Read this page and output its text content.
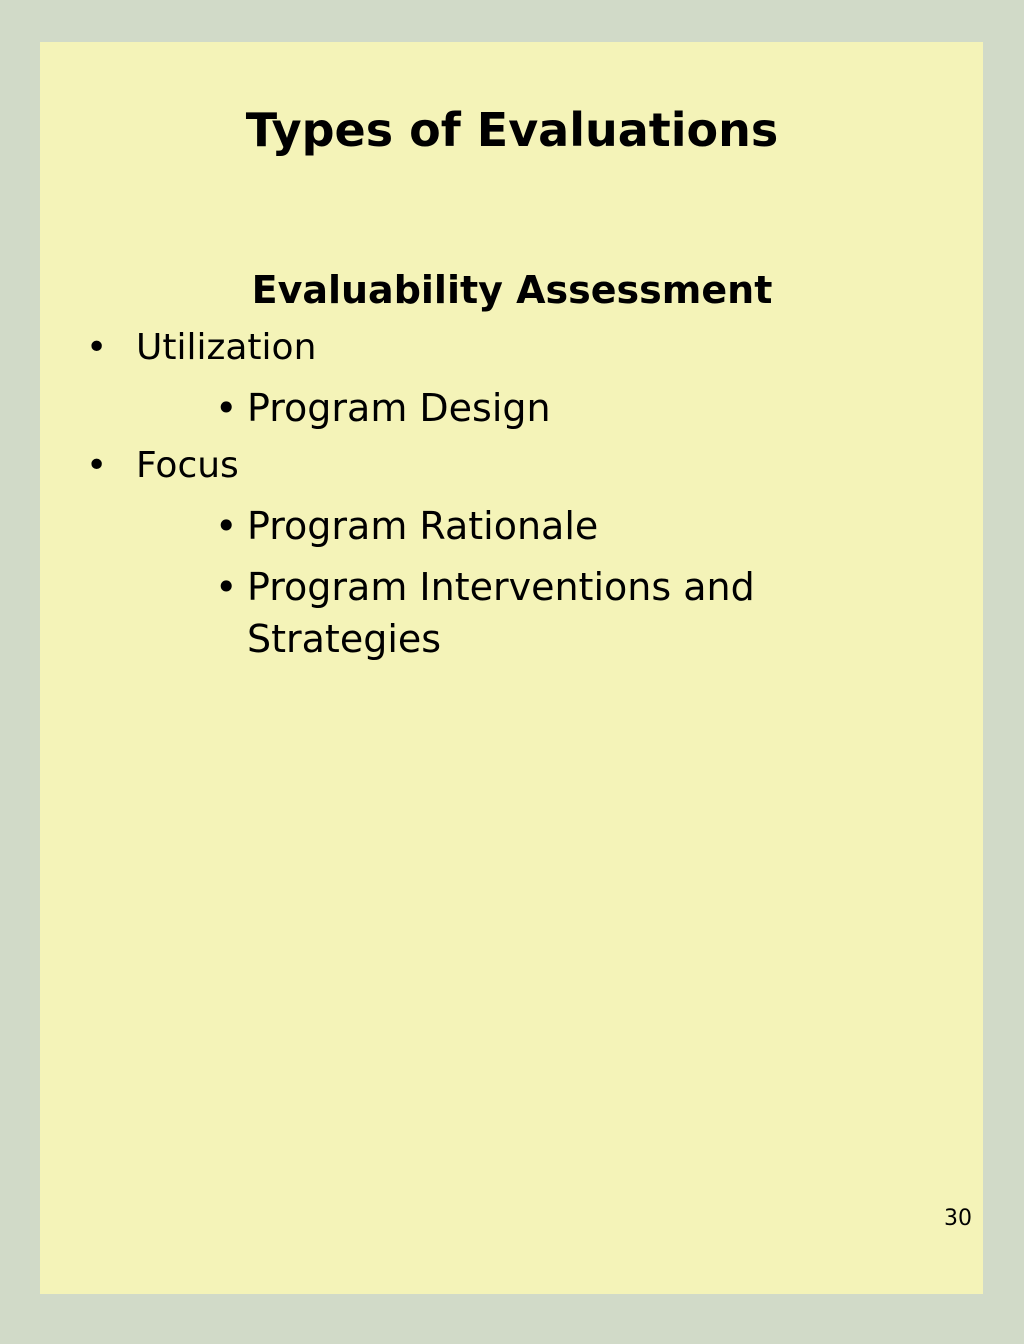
Types of Evaluations
Evaluability Assessment
• Utilization
• Program Design
• Focus
• Program Rationale
• Program Interventions and Strategies
30
